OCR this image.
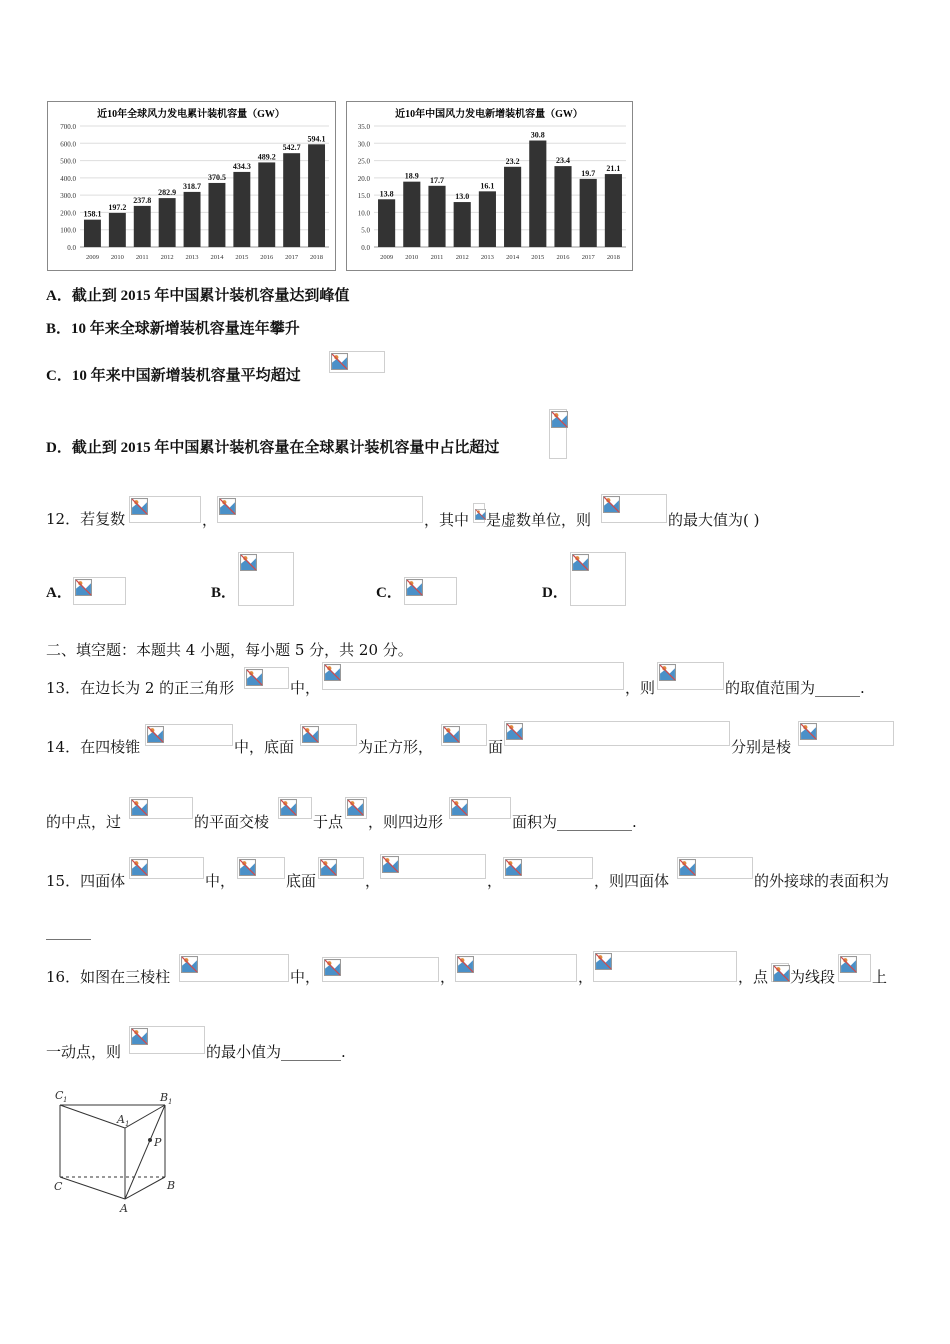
近10年全球风力发电累计装机容量（GW）
0.0
100.0
200.0
300.0
400.0
500.0
600.0
700.0
158.1
2009
197.2
2010
237.8
2011
282.9
2012
318.7
2013
370.5
2014
434.3
2015
489.2
2016
542.7
2017
594.1
2018
近10年中国风力发电新增装机容量（GW）
0.0
5.0
10.0
15.0
20.0
25.0
30.0
35.0
13.8
2009
18.9
2010
17.7
2011
13.0
2012
16.1
2013
23.2
2014
30.8
2015
23.4
2016
19.7
2017
21.1
2018
A．截止到 2015 年中国累计装机容量达到峰值
B．10 年来全球新增装机容量连年攀升
C．10 年来中国新增装机容量平均超过
D．截止到 2015 年中国累计装机容量在全球累计装机容量中占比超过
12．若复数	，	，其中 是虚数单位，则	的最大值为( )
A．	B．	C．	D．
二、填空题：本题共 4 小题，每小题 5 分，共 20 分。
13．在边长为 2 的正三角形	中，	，则	的取值范围为______.
14．在四棱锥	中，底面	为正方形，	面	分别是棱
的中点，过	的平面交棱	于点 ，则四边形	面积为__________.
15．四面体	中，	底面	，	，	，则四面体	的外接球的表面积为
______
16．如图在三棱柱	中，	，	，	，点 为线段 上
一动点，则	的最小值为________.
C 1
A 1
B 1
P
C	B
A
